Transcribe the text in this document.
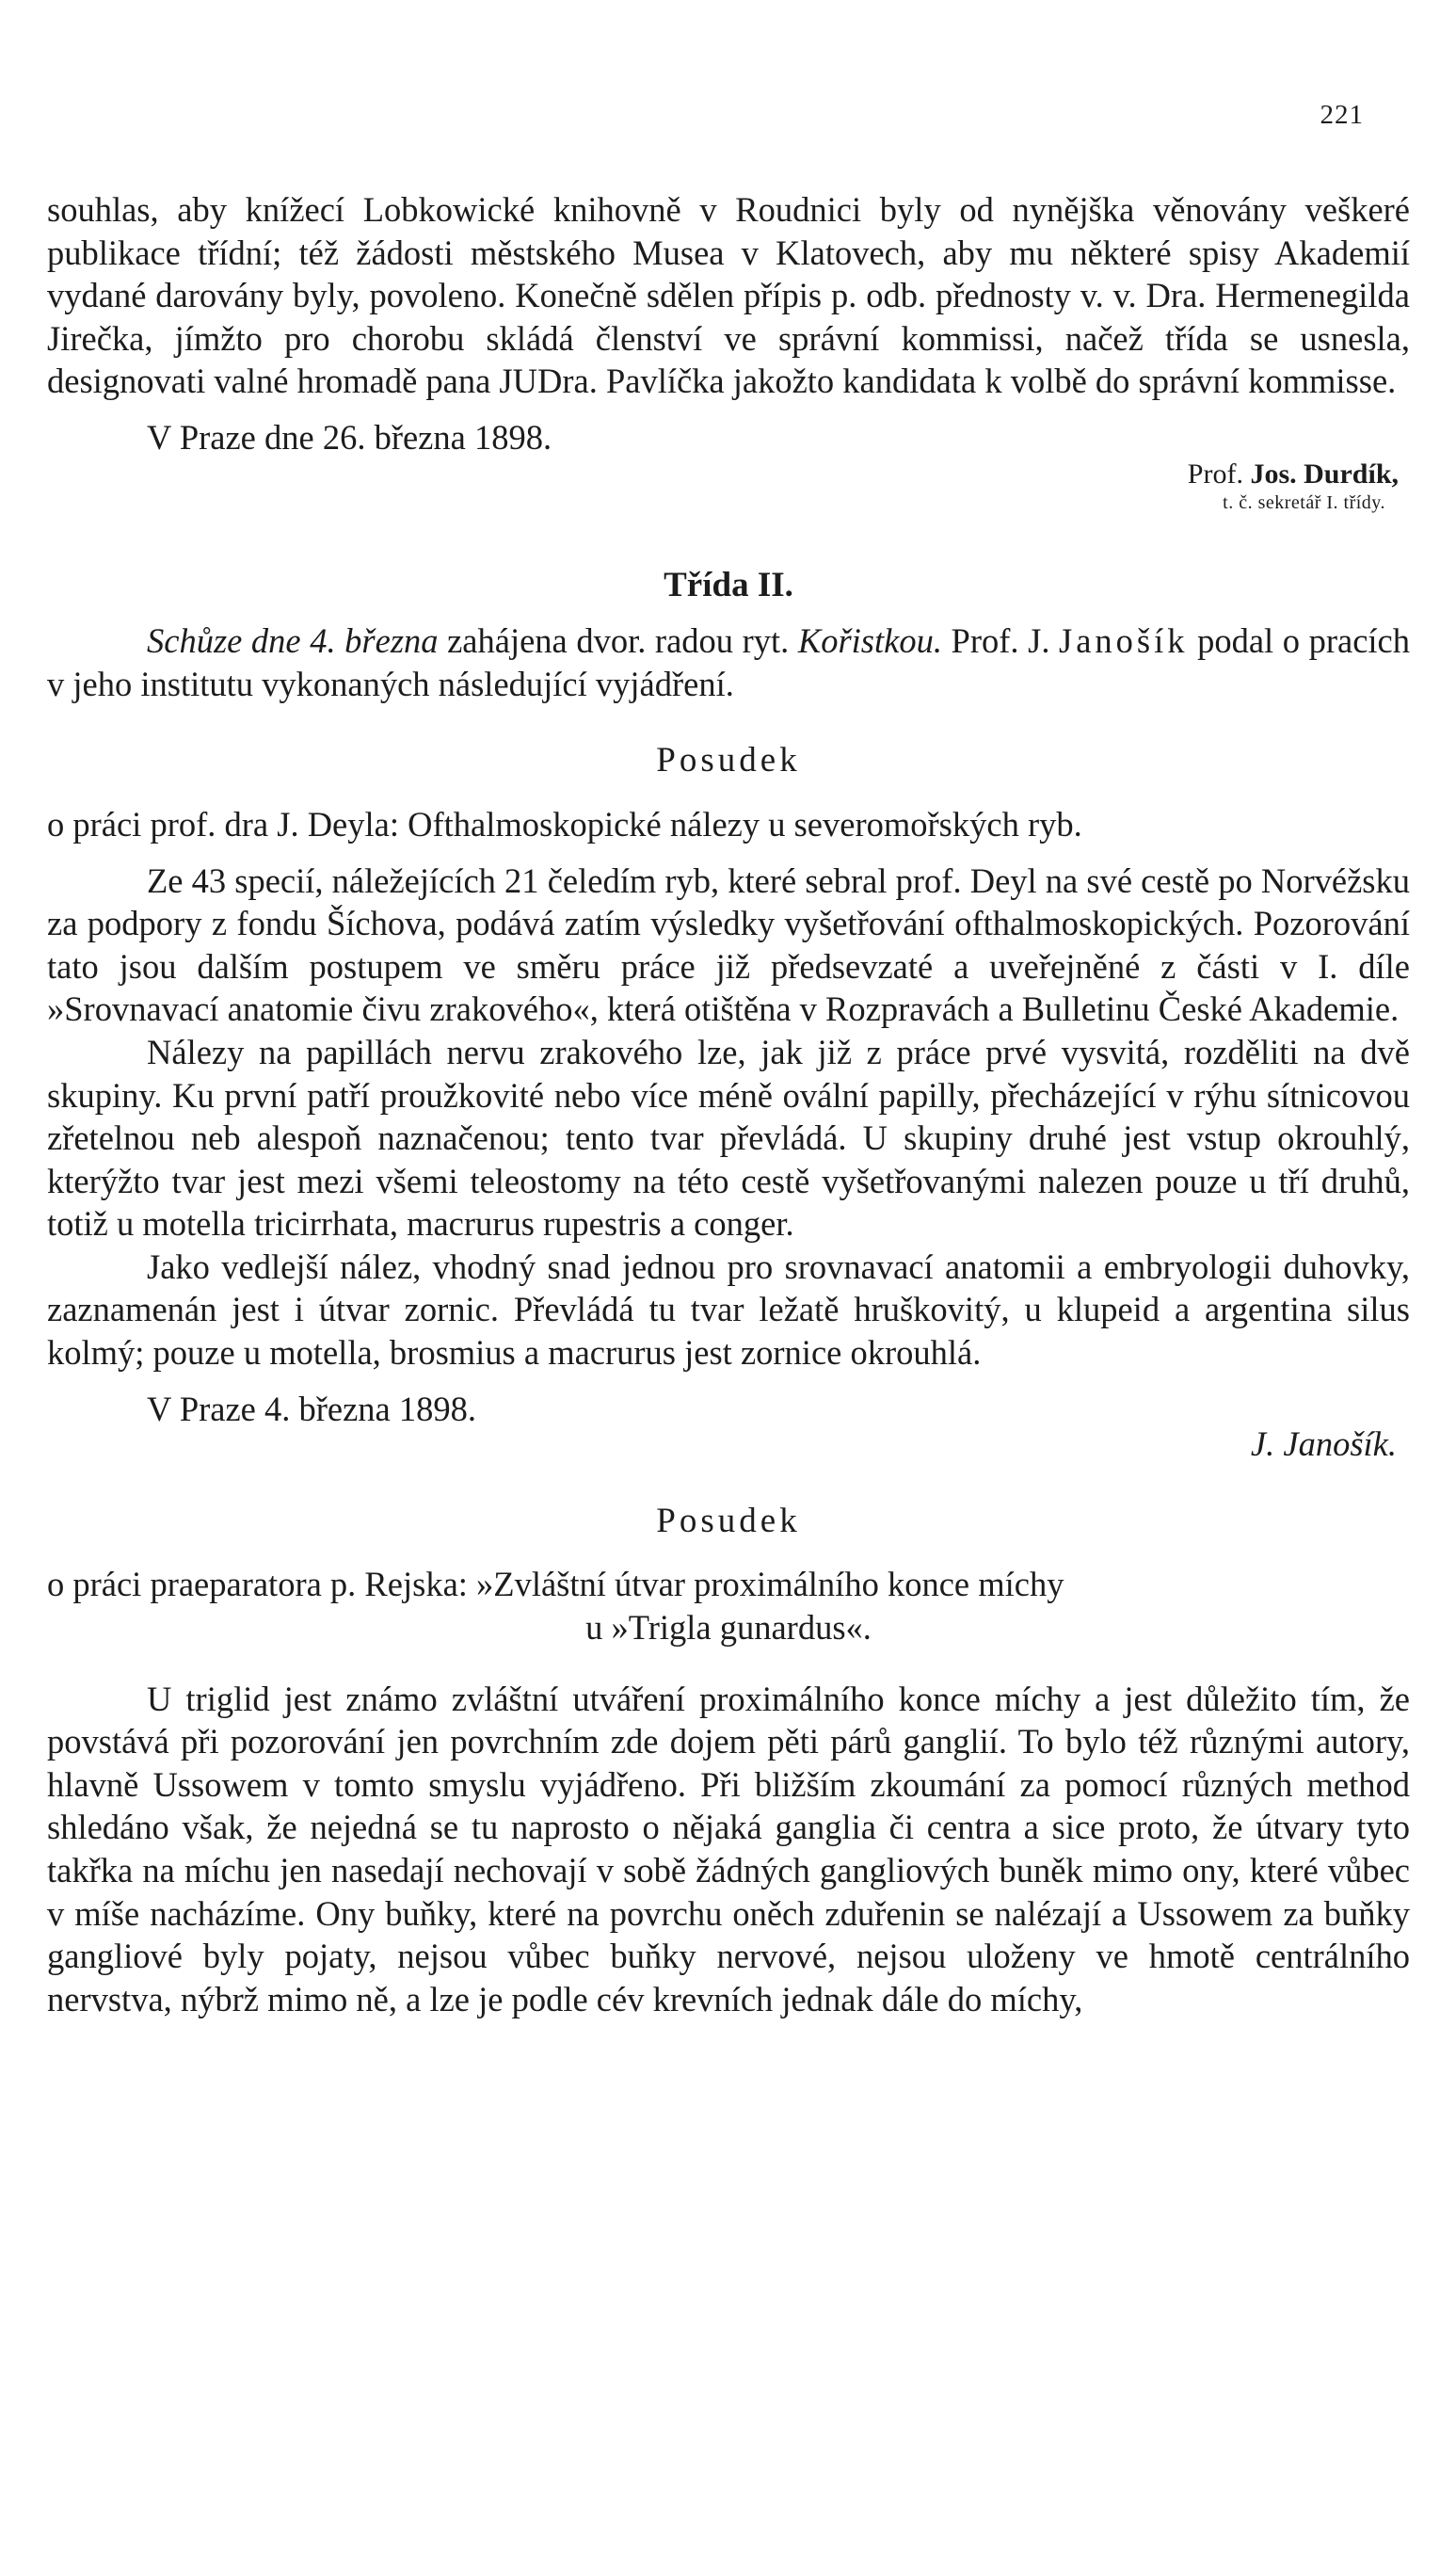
221

souhlas, aby knížecí Lobkowické knihovně v Roudnici byly od nynějška věnovány veškeré publikace třídní; též žádosti městského Musea v Klatovech, aby mu některé spisy Akademií vydané darovány byly, povoleno. Konečně sdělen přípis p. odb. přednosty v. v. Dra. Hermenegilda Jirečka, jímžto pro chorobu skládá členství ve správní kommissi, načež třída se usnesla, designovati valné hromadě pana JUDra. Pavlíčka jakožto kandidata k volbě do správní kommisse.

V Praze dne 26. března 1898.

Prof. Jos. Durdík,
t. č. sekretář I. třídy.

Třída II.

Schůze dne 4. března zahájena dvor. radou ryt. Kořistkou. Prof. J. Janošík podal o pracích v jeho institutu vykonaných následující vyjádření.

Posudek

o práci prof. dra J. Deyla: Ofthalmoskopické nálezy u severomořských ryb.

Ze 43 specií, náležejících 21 čeledím ryb, které sebral prof. Deyl na své cestě po Norvéžsku za podpory z fondu Šíchova, podává zatím výsledky vyšetřování ofthalmoskopických. Pozorování tato jsou dalším postupem ve směru práce již předsevzaté a uveřejněné z části v I. díle »Srovnavací anatomie čivu zrakového«, která otištěna v Rozpravách a Bulletinu České Akademie.

Nálezy na papillách nervu zrakového lze, jak již z práce prvé vysvitá, rozděliti na dvě skupiny. Ku první patří proužkovité nebo více méně ovální papilly, přecházející v rýhu sítnicovou zřetelnou neb alespoň naznačenou; tento tvar převládá. U skupiny druhé jest vstup okrouhlý, kterýžto tvar jest mezi všemi teleostomy na této cestě vyšetřovanými nalezen pouze u tří druhů, totiž u motella tricirrhata, macrurus rupestris a conger.

Jako vedlejší nález, vhodný snad jednou pro srovnavací anatomii a embryologii duhovky, zaznamenán jest i útvar zornic. Převládá tu tvar ležatě hruškovitý, u klupeid a argentina silus kolmý; pouze u motella, brosmius a macrurus jest zornice okrouhlá.

V Praze 4. března 1898.

J. Janošík.

Posudek

o práci praeparatora p. Rejska: »Zvláštní útvar proximálního konce míchy

u »Trigla gunardus«.

U triglid jest známo zvláštní utváření proximálního konce míchy a jest důležito tím, že povstává při pozorování jen povrchním zde dojem pěti párů ganglií. To bylo též různými autory, hlavně Ussowem v tomto smyslu vyjádřeno. Při bližším zkoumání za pomocí různých method shledáno však, že nejedná se tu naprosto o nějaká ganglia či centra a sice proto, že útvary tyto takřka na míchu jen nasedají nechovají v sobě žádných gangliových buněk mimo ony, které vůbec v míše nacházíme. Ony buňky, které na povrchu oněch zduřenin se nalézají a Ussowem za buňky gangliové byly pojaty, nejsou vůbec buňky nervové, nejsou uloženy ve hmotě centrálního nervstva, nýbrž mimo ně, a lze je podle cév krevních jednak dále do míchy,
